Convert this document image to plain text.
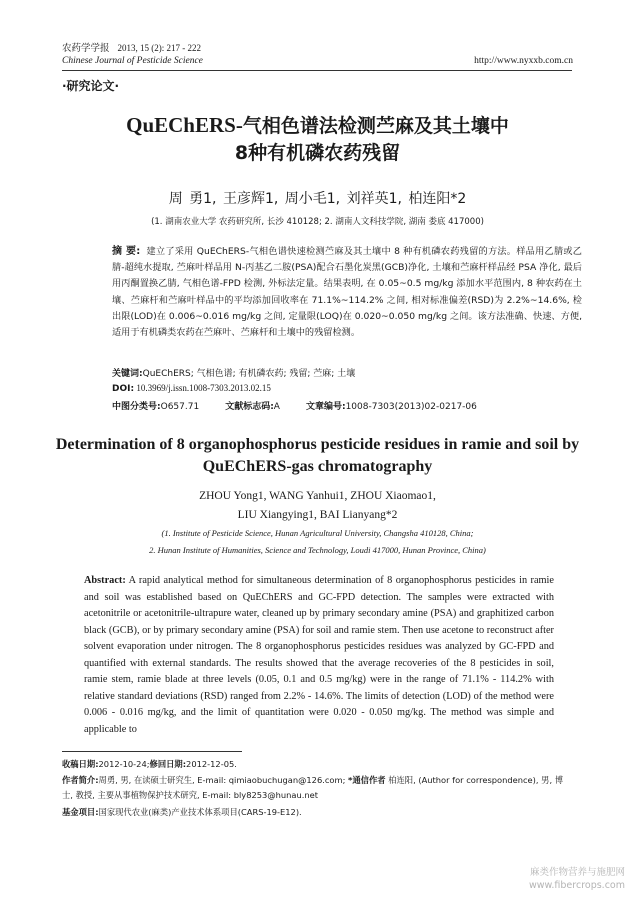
农药学学报 2013, 15 (2): 217 - 222
Chinese Journal of Pesticide Science	http://www.nyxxb.com.cn
·研究论文·
QuEChERS-气相色谱法检测苎麻及其土壤中
8种有机磷农药残留
周 勇1, 王彦辉1, 周小毛1, 刘祥英1, 柏连阳*2
(1. 湖南农业大学 农药研究所, 长沙 410128; 2. 湖南人文科技学院, 湖南 娄底 417000)
摘 要: 建立了采用 QuEChERS-气相色谱快速检测苎麻及其土壤中 8 种有机磷农药残留的方法。样品用乙腈或乙腈-超纯水提取, 苎麻叶样品用 N-丙基乙二胺(PSA)配合石墨化炭黑(GCB)净化, 土壤和苎麻杆样品经 PSA 净化, 最后用丙酮置换乙腈, 气相色谱-FPD 检测, 外标法定量。结果表明, 在 0.05~0.5 mg/kg 添加水平范围内, 8 种农药在土壤、苎麻杆和苎麻叶样品中的平均添加回收率在 71.1%~114.2% 之间, 相对标准偏差(RSD)为 2.2%~14.6%, 检出限(LOD)在 0.006~0.016 mg/kg 之间, 定量限(LOQ)在 0.020~0.050 mg/kg 之间。该方法准确、快速、方便, 适用于有机磷类农药在苎麻叶、苎麻杆和土壤中的残留检测。
关键词:QuEChERS; 气相色谱; 有机磷农药; 残留; 苎麻; 土壤
DOI: 10.3969/j.issn.1008-7303.2013.02.15
中图分类号:O657.71	文献标志码:A	文章编号:1008-7303(2013)02-0217-06
Determination of 8 organophosphorus pesticide residues in ramie and soil by QuEChERS-gas chromatography
ZHOU Yong1, WANG Yanhui1, ZHOU Xiaomao1,
LIU Xiangying1, BAI Lianyang*2
(1. Institute of Pesticide Science, Hunan Agricultural University, Changsha 410128, China;
2. Hunan Institute of Humanities, Science and Technology, Loudi 417000, Hunan Province, China)
Abstract: A rapid analytical method for simultaneous determination of 8 organophosphorus pesticides in ramie and soil was established based on QuEChERS and GC-FPD detection. The samples were extracted with acetonitrile or acetonitrile-ultrapure water, cleaned up by primary secondary amine (PSA) and graphitized carbon black (GCB), or by primary secondary amine (PSA) for soil and ramie stem. Then use acetone to reconstruct after solvent evaporation under nitrogen. The 8 organophosphorus pesticides residues was analyzed by GC-FPD and quantified with external standards. The results showed that the average recoveries of the 8 pesticides in soil, ramie stem, ramie blade at three levels (0.05, 0.1 and 0.5 mg/kg) were in the range of 71.1% - 114.2% with relative standard deviations (RSD) ranged from 2.2% - 14.6%. The limits of detection (LOD) of the method were 0.006 - 0.016 mg/kg, and the limit of quantitation were 0.020 - 0.050 mg/kg. The method was simple and applicable to
收稿日期:2012-10-24;修回日期:2012-12-05.
作者简介:周勇, 男, 在读硕士研究生, E-mail: qimiaobuchugan@126.com; *通信作者 柏连阳, (Author for correspondence), 男, 博士, 教授, 主要从事植物保护技术研究, E-mail: bly8253@hunau.net
基金项目:国家现代农业(麻类)产业技术体系项目(CARS-19-E12).
麻类作物营养与施肥网
www.fibercrops.com
